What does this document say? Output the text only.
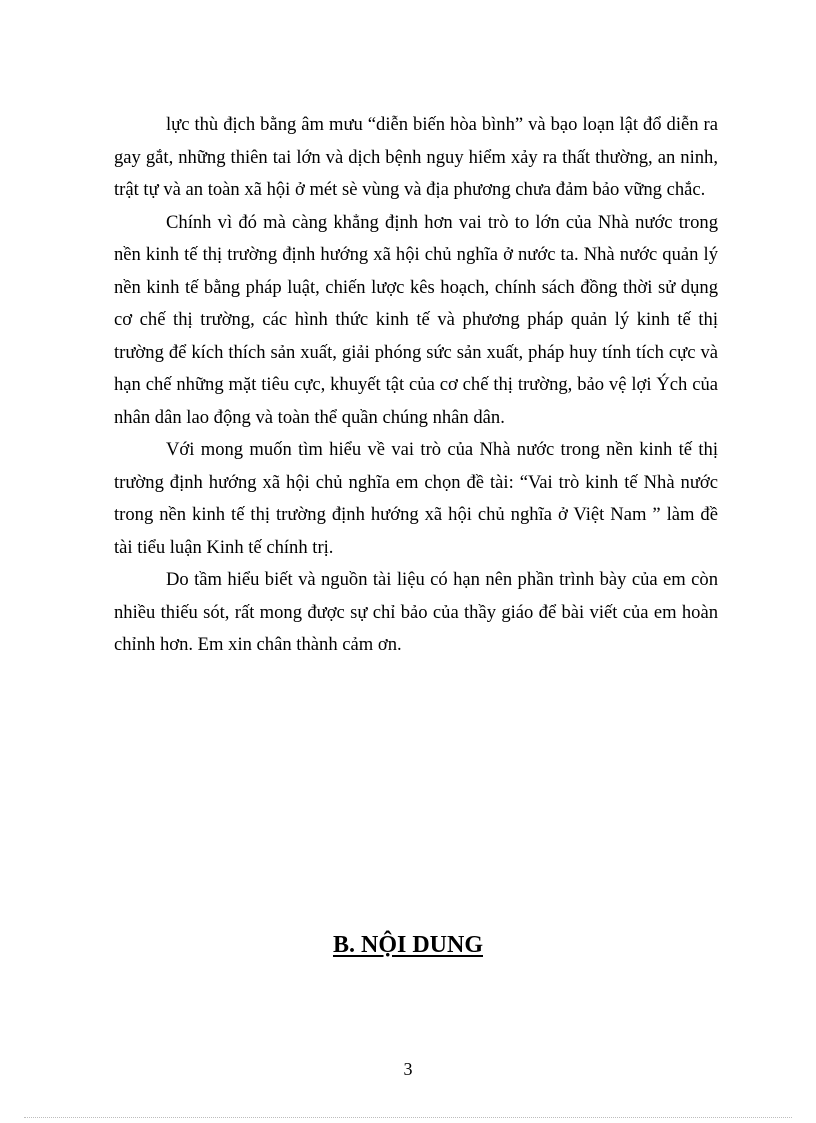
lực thù địch bằng âm mưu “diễn biến hòa bình” và bạo loạn lật đổ diễn ra gay gắt, những thiên tai lớn và dịch bệnh nguy hiểm xảy ra thất thường, an ninh, trật tự và an toàn xã hội ở mét sè vùng và địa phương chưa đảm bảo vững chắc.

Chính vì đó mà càng khẳng định hơn vai trò to lớn của Nhà nước trong nền kinh tế thị trường định hướng xã hội chủ nghĩa ở nước ta. Nhà nước quản lý nền kinh tế bằng pháp luật, chiến lược kês hoạch, chính sách đồng thời sử dụng cơ chế thị trường, các hình thức kinh tế và phương pháp quản lý kinh tế thị trường để kích thích sản xuất, giải phóng sức sản xuất, pháp huy tính tích cực và hạn chế những mặt tiêu cực, khuyết tật của cơ chế thị trường, bảo vệ lợi Ých của nhân dân lao động và toàn thể quần chúng nhân dân.

Với mong muốn tìm hiểu về vai trò của Nhà nước trong nền kinh tế thị trường định hướng xã hội chủ nghĩa em chọn đề tài: “Vai trò kinh tế Nhà nước trong nền kinh tế thị trường định hướng xã hội chủ nghĩa ở Việt Nam ” làm đề tài tiểu luận Kinh tế chính trị.

Do tầm hiểu biết và nguồn tài liệu có hạn nên phần trình bày của em còn nhiều thiếu sót, rất mong được sự chỉ bảo của thầy giáo để bài viết của em hoàn chỉnh hơn. Em xin chân thành cảm ơn.

B. NỘI DUNG
3
